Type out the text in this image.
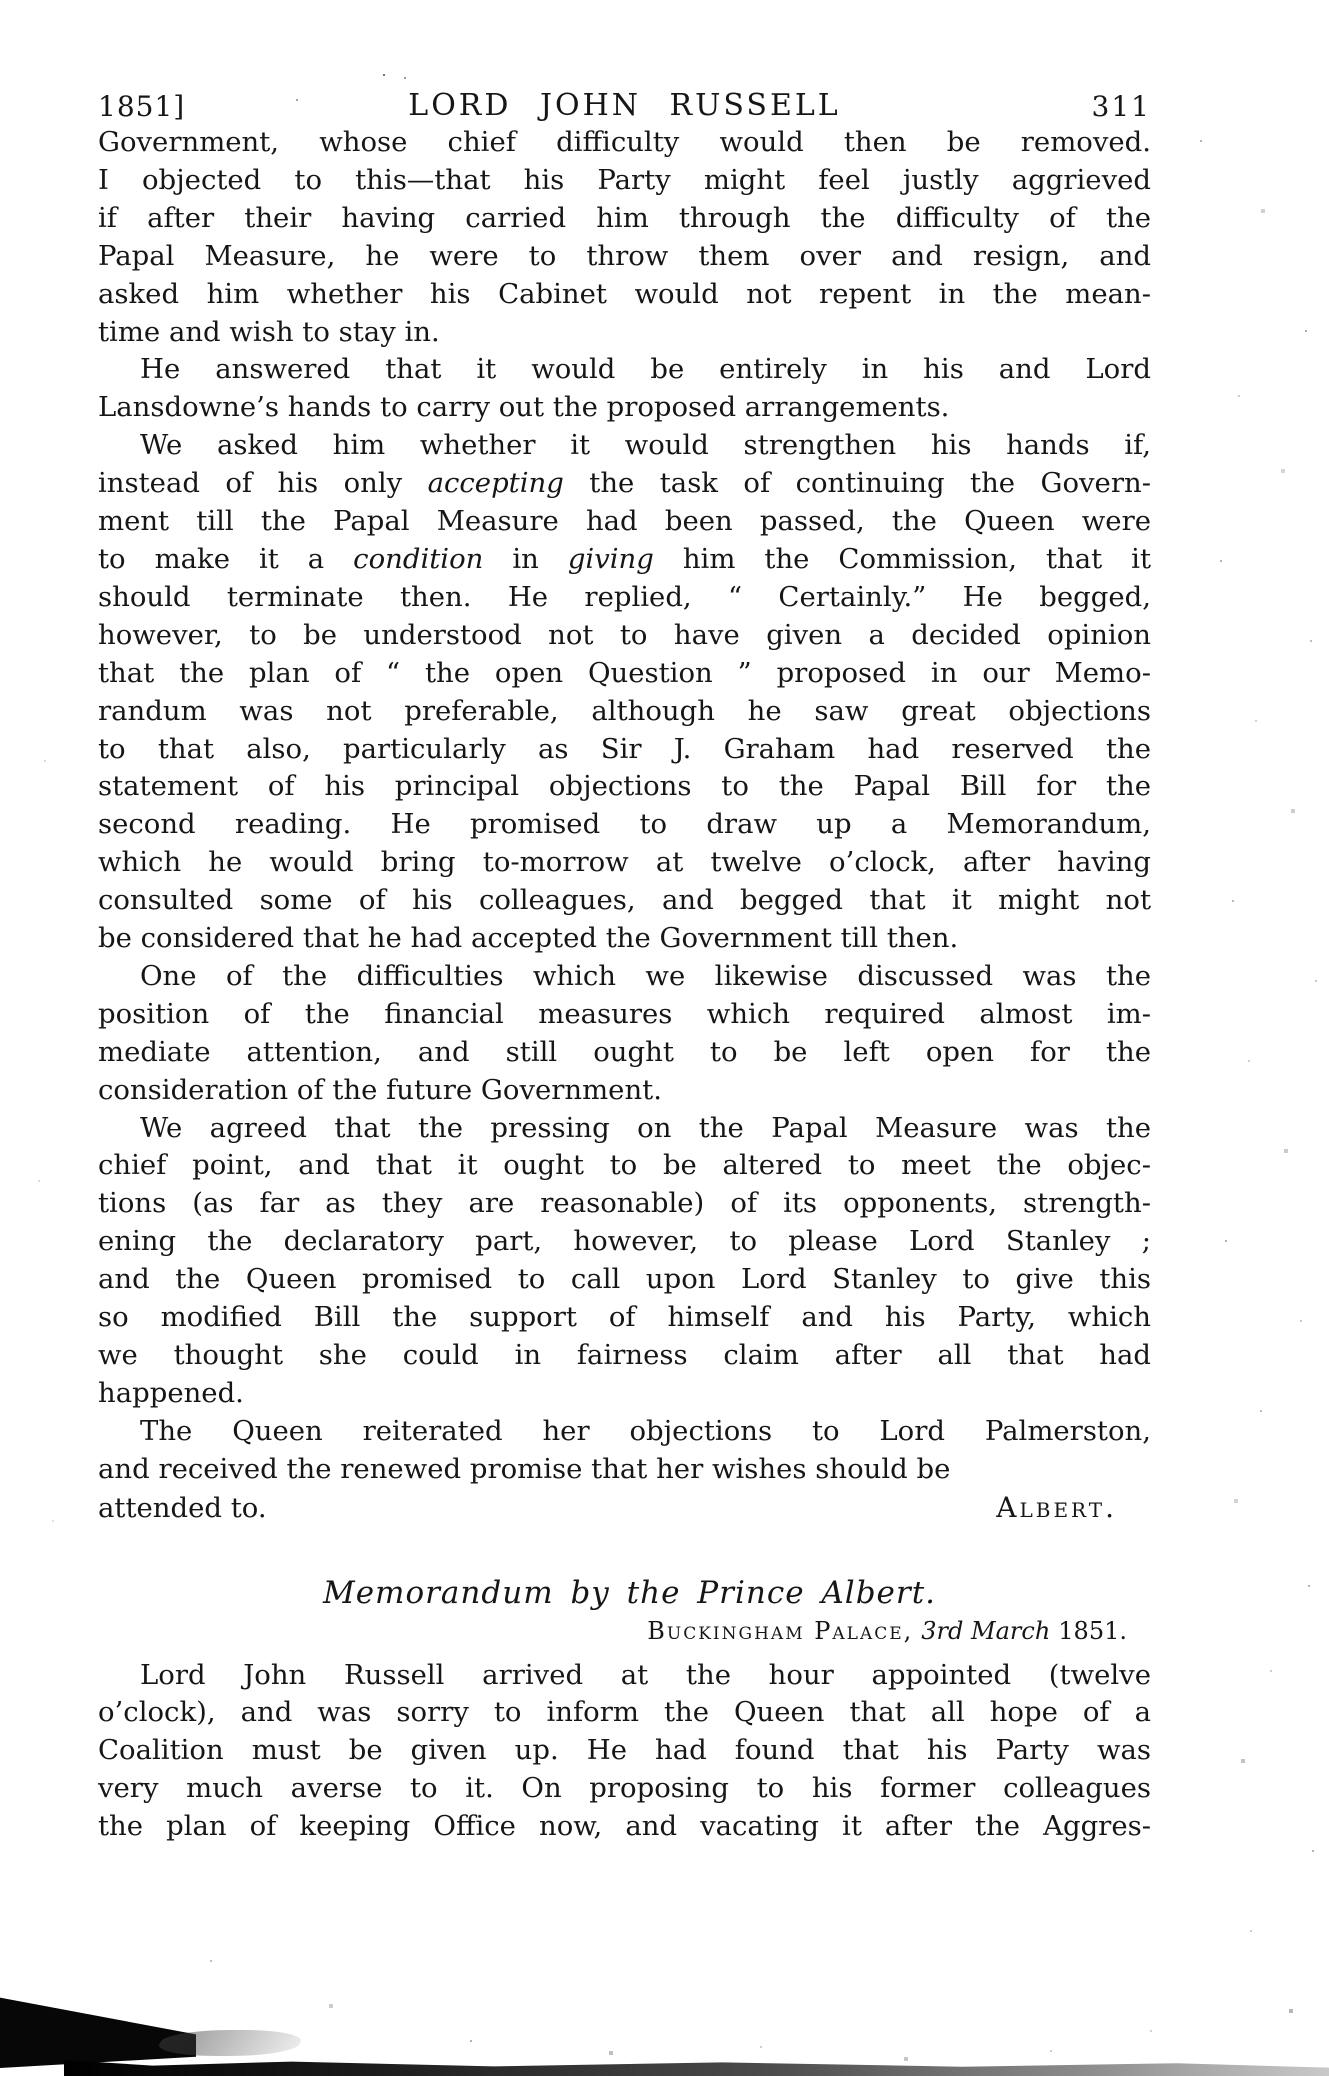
1851]	LORD JOHN RUSSELL	311
Government, whose chief difficulty would then be removed.
I objected to this—that his Party might feel justly aggrieved
if after their having carried him through the difficulty of the
Papal Measure, he were to throw them over and resign, and
asked him whether his Cabinet would not repent in the mean-
time and wish to stay in.
He answered that it would be entirely in his and Lord
Lansdowne’s hands to carry out the proposed arrangements.
We asked him whether it would strengthen his hands if,
instead of his only accepting the task of continuing the Govern-
ment till the Papal Measure had been passed, the Queen were
to make it a condition in giving him the Commission, that it
should terminate then. He replied, “ Certainly.” He begged,
however, to be understood not to have given a decided opinion
that the plan of “ the open Question ” proposed in our Memo-
randum was not preferable, although he saw great objections
to that also, particularly as Sir J. Graham had reserved the
statement of his principal objections to the Papal Bill for the
second reading. He promised to draw up a Memorandum,
which he would bring to-morrow at twelve o’clock, after having
consulted some of his colleagues, and begged that it might not
be considered that he had accepted the Government till then.
One of the difficulties which we likewise discussed was the
position of the financial measures which required almost im-
mediate attention, and still ought to be left open for the
consideration of the future Government.
We agreed that the pressing on the Papal Measure was the
chief point, and that it ought to be altered to meet the objec-
tions (as far as they are reasonable) of its opponents, strength-
ening the declaratory part, however, to please Lord Stanley ;
and the Queen promised to call upon Lord Stanley to give this
so modified Bill the support of himself and his Party, which
we thought she could in fairness claim after all that had
happened.
The Queen reiterated her objections to Lord Palmerston,
and received the renewed promise that her wishes should be
attended to.	Albert.
Memorandum by the Prince Albert.
Buckingham Palace, 3rd March 1851.
Lord John Russell arrived at the hour appointed (twelve
o’clock), and was sorry to inform the Queen that all hope of a
Coalition must be given up. He had found that his Party was
very much averse to it. On proposing to his former colleagues
the plan of keeping Office now, and vacating it after the Aggres-
